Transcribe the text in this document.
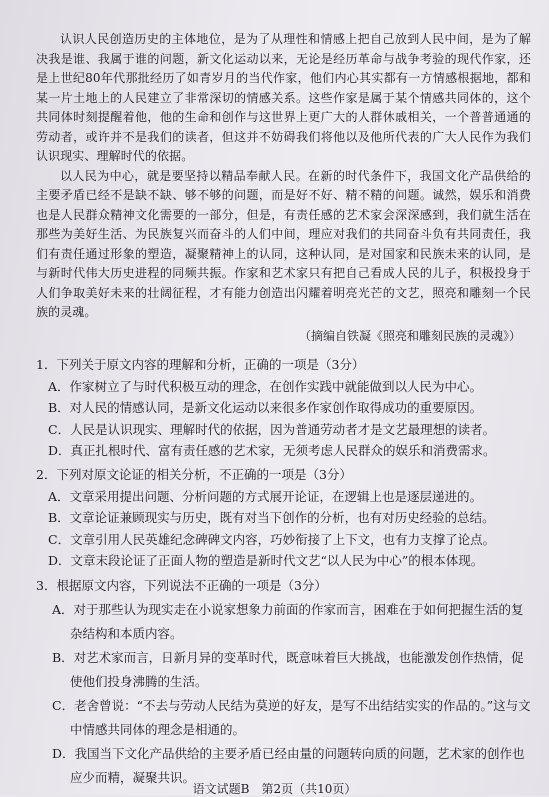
认识人民创造历史的主体地位，是为了从理性和情感上把自己放到人民中间，是为了解决我是谁、我属于谁的问题，新文化运动以来，无论是经历革命与战争考验的现代作家，还是上世纪80年代那批经历了如青岁月的当代作家，他们内心其实都有一方情感根据地，都和某一片土地上的人民建立了非常深切的情感关系。这些作家是属于某个情感共同体的，这个共同体时刻提醒着他，他的生命和创作与这世界上更广大的人群休戚相关，一个普普通通的劳动者，或许并不是我们的读者，但这并不妨碍我们将他以及他所代表的广大人民作为我们认识现实、理解时代的依据。

以人民为中心，就是要坚持以精品奉献人民。在新的时代条件下，我国文化产品供给的主要矛盾已经不是缺不缺、够不够的问题，而是好不好、精不精的问题。诚然，娱乐和消费也是人民群众精神文化需要的一部分，但是，有责任感的艺术家会深深感到，我们就生活在那些为美好生活、为民族复兴而奋斗的人们中间，理应对我们的共同奋斗负有共同责任，我们有责任通过形象的塑造，凝聚精神上的认同，这种认同，是对国家和民族未来的认同，是与新时代伟大历史进程的同频共振。作家和艺术家只有把自己看成人民的儿子，积极投身于人们争取美好未来的壮阔征程，才有能力创造出闪耀着明亮光芒的文艺，照亮和雕刻一个民族的灵魂。

（摘编自铁凝《照亮和雕刻民族的灵魂》）

1．下列关于原文内容的理解和分析，正确的一项是（3分）

A．作家树立了与时代积极互动的理念，在创作实践中就能做到以人民为中心。

B．对人民的情感认同，是新文化运动以来很多作家创作取得成功的重要原因。

C．人民是认识现实、理解时代的依据，因为普通劳动者才是文艺最理想的读者。

D．真正扎根时代、富有责任感的艺术家，无须考虑人民群众的娱乐和消费需求。

2．下列对原文论证的相关分析，不正确的一项是（3分）

A．文章采用提出问题、分析问题的方式展开论证，在逻辑上也是逐层递进的。

B．文章论证兼顾现实与历史，既有对当下创作的分析，也有对历史经验的总结。

C．文章引用人民英雄纪念碑碑文内容，巧妙衔接了上下文，也有力支撑了论点。

D．文章末段论证了正面人物的塑造是新时代文艺“以人民为中心”的根本体现。

3．根据原文内容，下列说法不正确的一项是（3分）

A．对于那些认为现实走在小说家想象力前面的作家而言，困难在于如何把握生活的复杂结构和本质内容。

B．对艺术家而言，日新月异的变革时代，既意味着巨大挑战，也能激发创作热情，促使他们投身沸腾的生活。

C．老舍曾说：“不去与劳动人民结为莫逆的好友，是写不出结结实实的作品的。”这与文中情感共同体的理念是相通的。

D．我国当下文化产品供给的主要矛盾已经由量的问题转向质的问题，艺术家的创作也应少而精，凝聚共识。

语文试题B　第2页（共10页）
